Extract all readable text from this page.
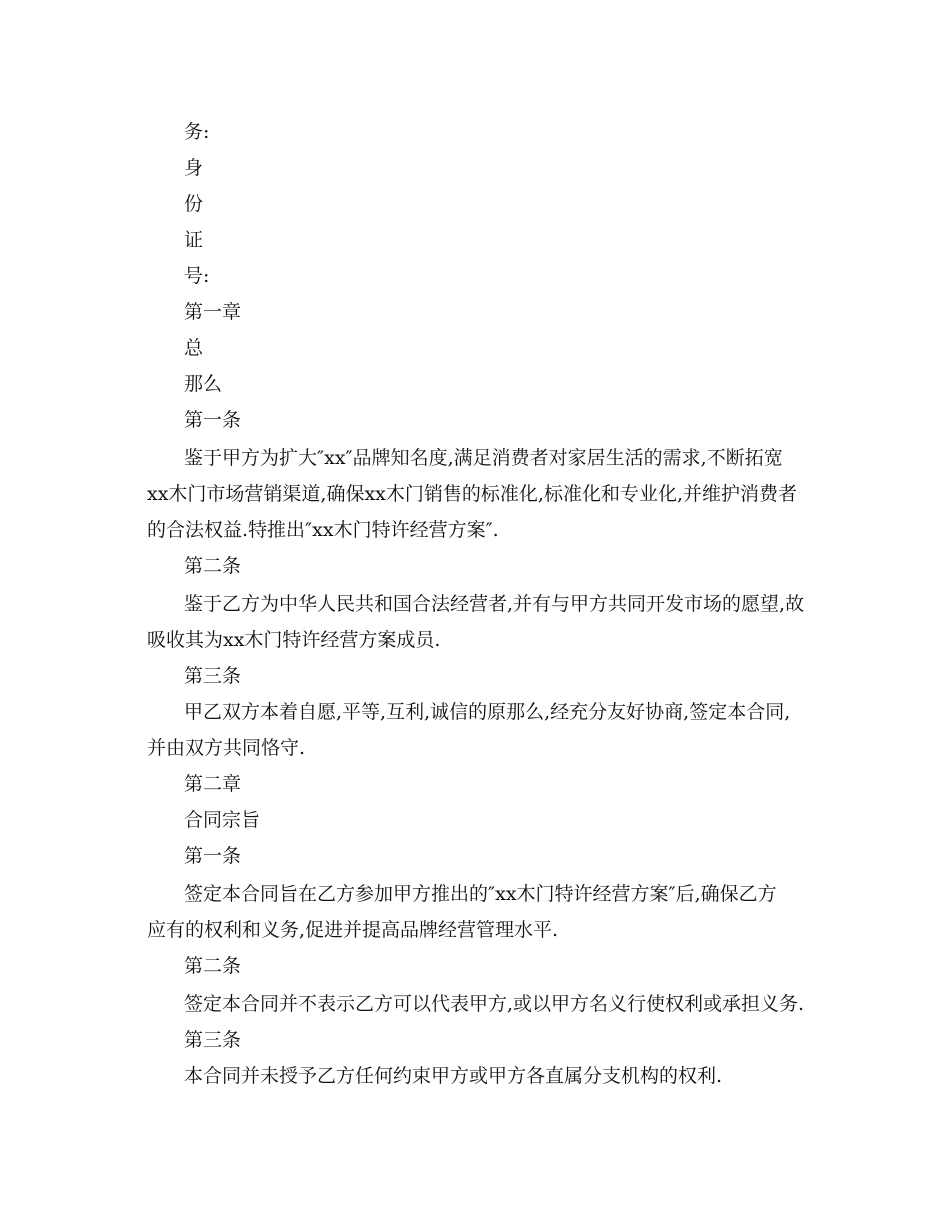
务:
身
份
证
号:
第一章
总
那么
第一条
鉴于甲方为扩大″xx″品牌知名度,满足消费者对家居生活的需求,不断拓宽
xx木门市场营销渠道,确保xx木门销售的标准化,标准化和专业化,并维护消费者
的合法权益.特推出″xx木门特许经营方案″.
第二条
鉴于乙方为中华人民共和国合法经营者,并有与甲方共同开发市场的愿望,故
吸收其为xx木门特许经营方案成员.
第三条
甲乙双方本着自愿,平等,互利,诚信的原那么,经充分友好协商,签定本合同,
并由双方共同恪守.
第二章
合同宗旨
第一条
签定本合同旨在乙方参加甲方推出的″xx木门特许经营方案″后,确保乙方
应有的权利和义务,促进并提高品牌经营管理水平.
第二条
签定本合同并不表示乙方可以代表甲方,或以甲方名义行使权利或承担义务.
第三条
本合同并未授予乙方任何约束甲方或甲方各直属分支机构的权利.
